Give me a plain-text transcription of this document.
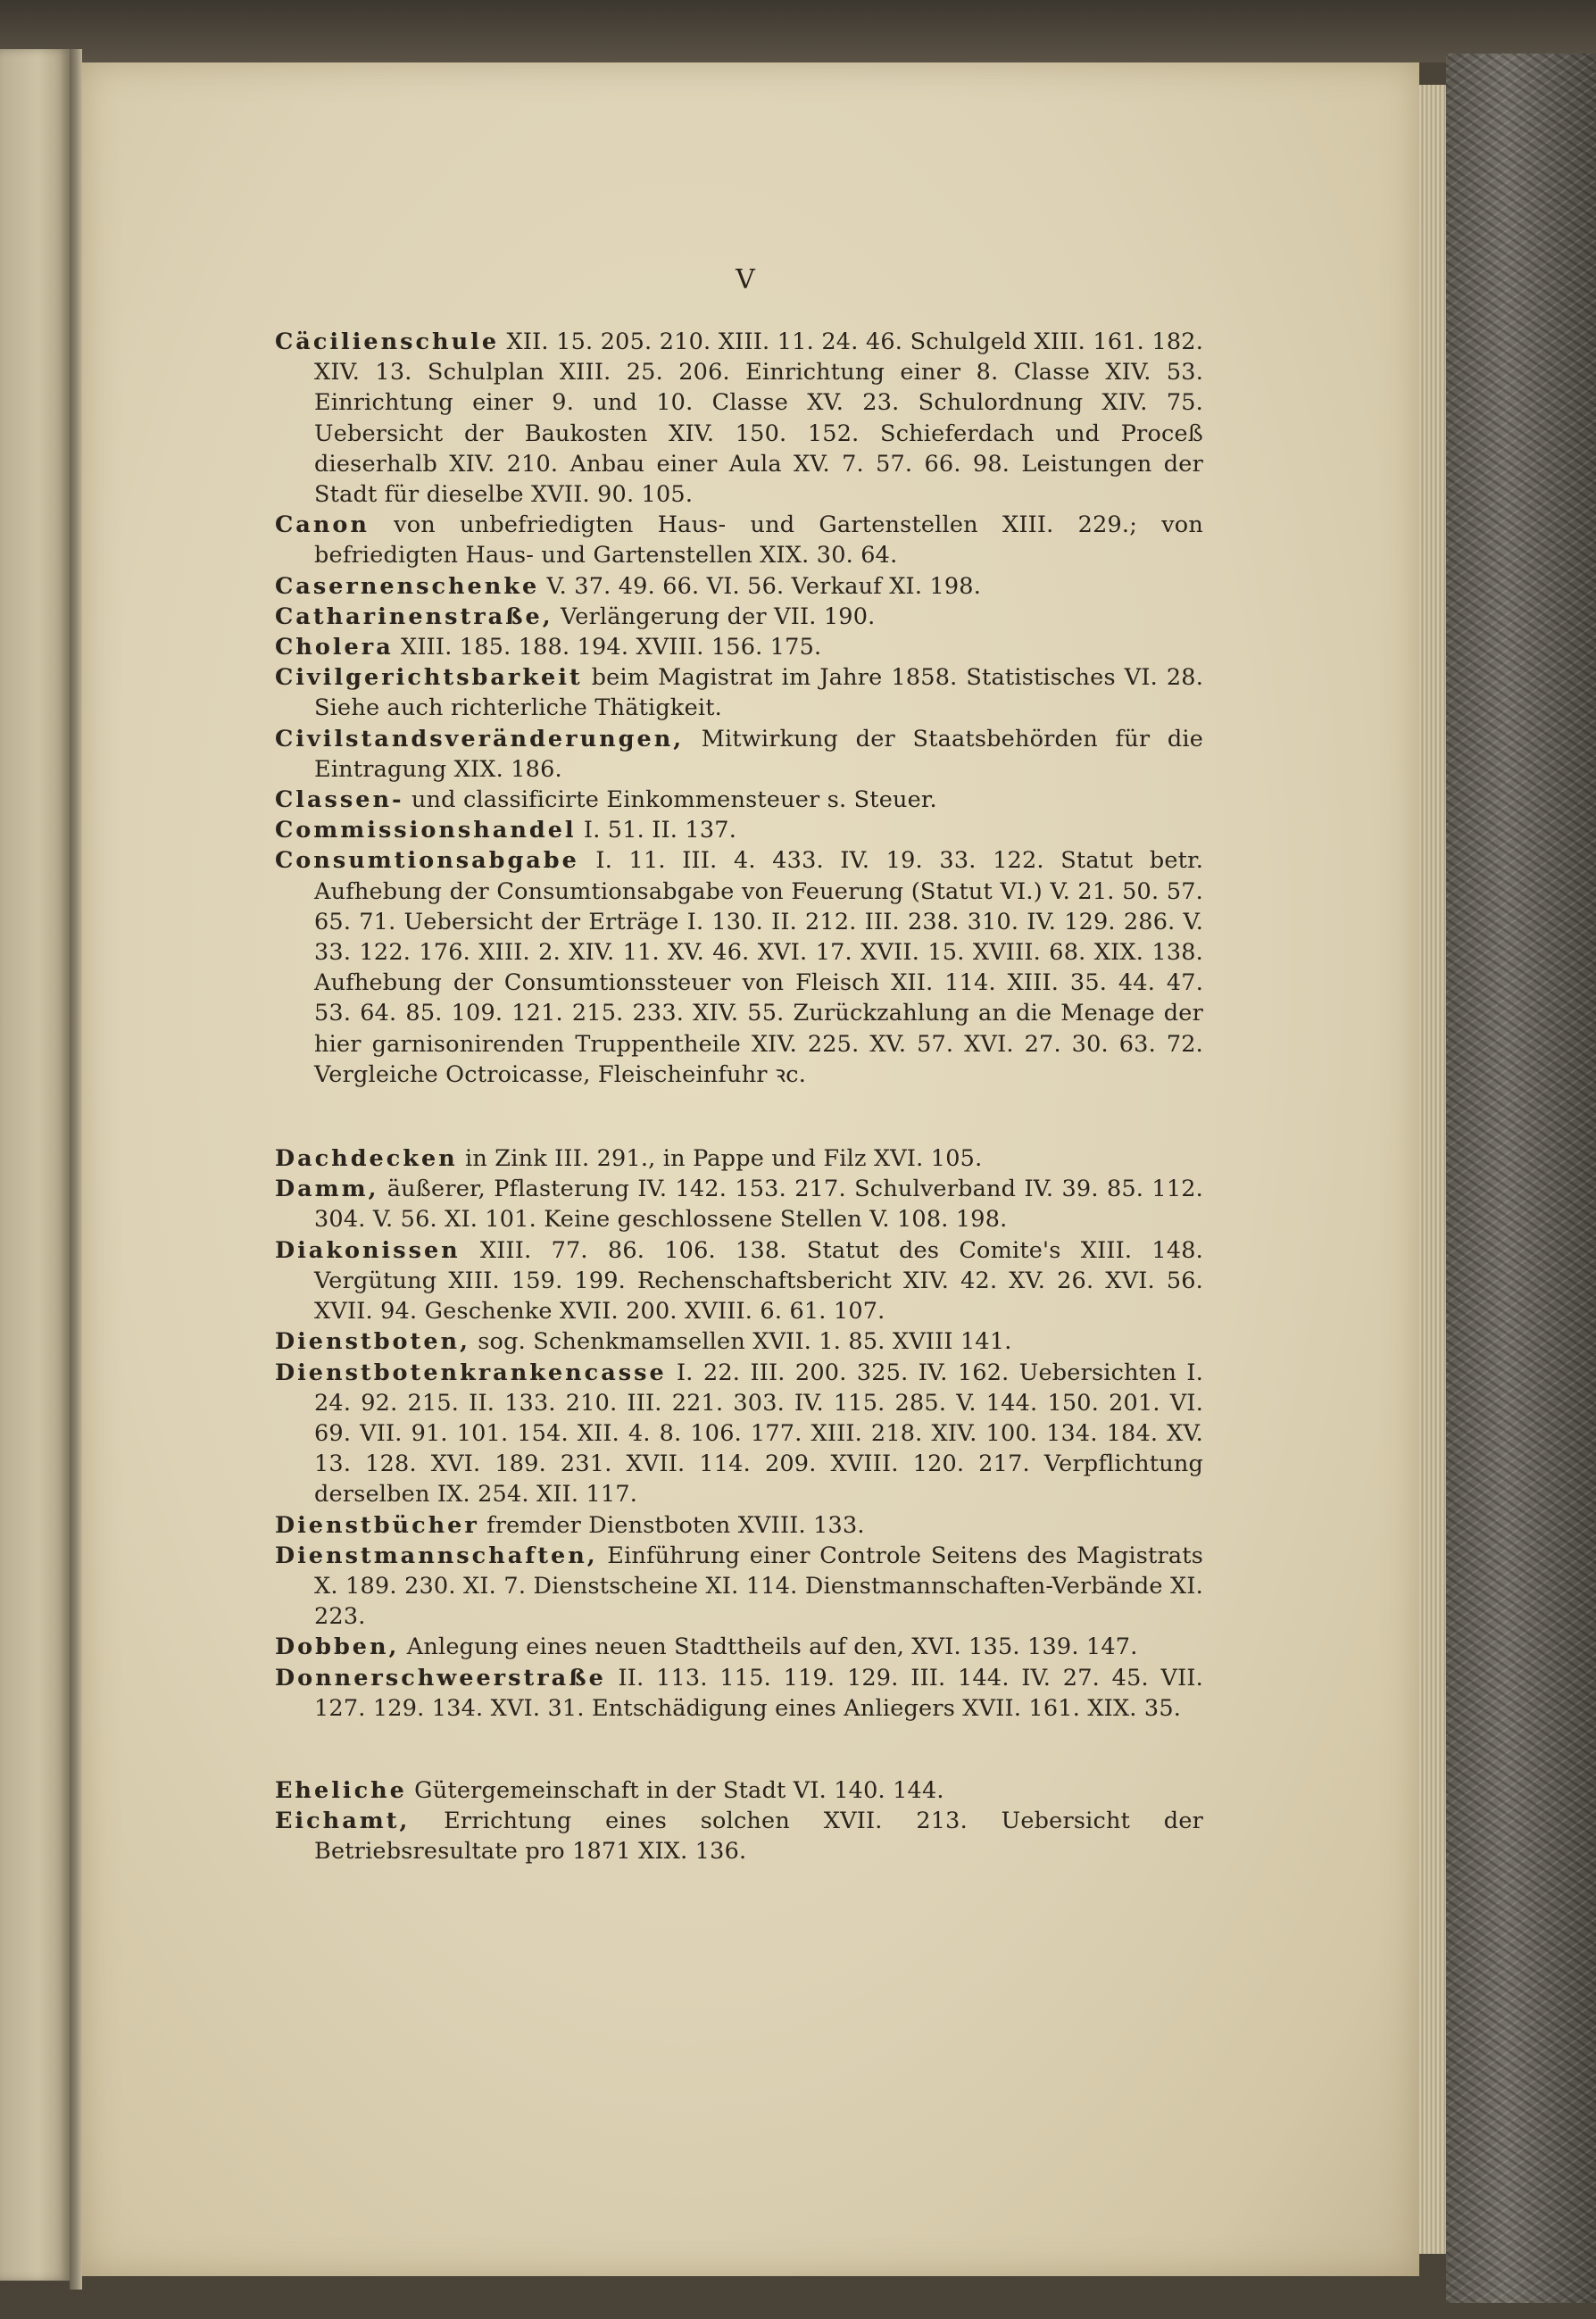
V

Cäcilienschule XII. 15. 205. 210. XIII. 11. 24. 46. Schulgeld XIII. 161. 182. XIV. 13. Schulplan XIII. 25. 206. Einrichtung einer 8. Classe XIV. 53. Einrichtung einer 9. und 10. Classe XV. 23. Schulordnung XIV. 75. Uebersicht der Baukosten XIV. 150. 152. Schieferdach und Proceß dieserhalb XIV. 210. Anbau einer Aula XV. 7. 57. 66. 98. Leistungen der Stadt für dieselbe XVII. 90. 105.

Canon von unbefriedigten Haus- und Gartenstellen XIII. 229.; von befriedigten Haus- und Gartenstellen XIX. 30. 64.

Casernenschenke V. 37. 49. 66. VI. 56. Verkauf XI. 198.

Catharinenstraße, Verlängerung der VII. 190.

Cholera XIII. 185. 188. 194. XVIII. 156. 175.

Civilgerichtsbarkeit beim Magistrat im Jahre 1858. Statistisches VI. 28. Siehe auch richterliche Thätigkeit.

Civilstandsveränderungen, Mitwirkung der Staatsbehörden für die Eintragung XIX. 186.

Classen- und classificirte Einkommensteuer s. Steuer.

Commissionshandel I. 51. II. 137.

Consumtionsabgabe I. 11. III. 4. 433. IV. 19. 33. 122. Statut betr. Aufhebung der Consumtionsabgabe von Feuerung (Statut VI.) V. 21. 50. 57. 65. 71. Uebersicht der Erträge I. 130. II. 212. III. 238. 310. IV. 129. 286. V. 33. 122. 176. XIII. 2. XIV. 11. XV. 46. XVI. 17. XVII. 15. XVIII. 68. XIX. 138. Aufhebung der Consumtionssteuer von Fleisch XII. 114. XIII. 35. 44. 47. 53. 64. 85. 109. 121. 215. 233. XIV. 55. Zurückzahlung an die Menage der hier garnisonirenden Truppentheile XIV. 225. XV. 57. XVI. 27. 30. 63. 72. Vergleiche Octroicasse, Fleischeinfuhr ꝛc.

Dachdecken in Zink III. 291., in Pappe und Filz XVI. 105.

Damm, äußerer, Pflasterung IV. 142. 153. 217. Schulverband IV. 39. 85. 112. 304. V. 56. XI. 101. Keine geschlossene Stellen V. 108. 198.

Diakonissen XIII. 77. 86. 106. 138. Statut des Comite's XIII. 148. Vergütung XIII. 159. 199. Rechenschaftsbericht XIV. 42. XV. 26. XVI. 56. XVII. 94. Geschenke XVII. 200. XVIII. 6. 61. 107.

Dienstboten, sog. Schenkmamsellen XVII. 1. 85. XVIII 141.

Dienstbotenkrankencasse I. 22. III. 200. 325. IV. 162. Uebersichten I. 24. 92. 215. II. 133. 210. III. 221. 303. IV. 115. 285. V. 144. 150. 201. VI. 69. VII. 91. 101. 154. XII. 4. 8. 106. 177. XIII. 218. XIV. 100. 134. 184. XV. 13. 128. XVI. 189. 231. XVII. 114. 209. XVIII. 120. 217. Verpflichtung derselben IX. 254. XII. 117.

Dienstbücher fremder Dienstboten XVIII. 133.

Dienstmannschaften, Einführung einer Controle Seitens des Magistrats X. 189. 230. XI. 7. Dienstscheine XI. 114. Dienstmannschaften-Verbände XI. 223.

Dobben, Anlegung eines neuen Stadttheils auf den, XVI. 135. 139. 147.

Donnerschweerstraße II. 113. 115. 119. 129. III. 144. IV. 27. 45. VII. 127. 129. 134. XVI. 31. Entschädigung eines Anliegers XVII. 161. XIX. 35.

Eheliche Gütergemeinschaft in der Stadt VI. 140. 144.

Eichamt, Errichtung eines solchen XVII. 213. Uebersicht der Betriebsresultate pro 1871 XIX. 136.
